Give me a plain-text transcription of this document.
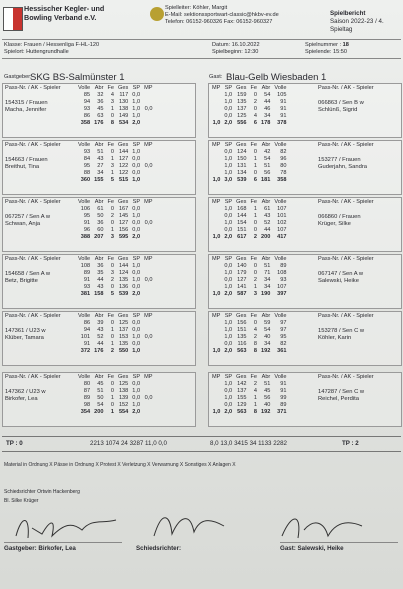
Hessischer Kegler- und
Bowling Verband e.V.
Spielleiter: Köhler, Margit
E-Mail: sektionssportwart-classic@hkbv-ev.de
Telefon: 06152-960326 Fax: 06152-960327
Spielbericht
Saison 2022-23 / 4. Spieltag
Klasse: Frauen / Hessenliga F-HL-120
Spielort: Huttengrundhalle
Datum: 16.10.2022
Spielbeginn: 12:30
Spielnummer : 18
Spielende: 15:50
Gastgeber:
SKG BS-Salmünster 1	Gast: Blau-Gelb Wiesbaden 1
Pass-Nr. / AK - Spieler
154315 / Frauen
Macha, Jennifer
Volle	Abr	Fe	Ges	SP	MP
85	32	4	117	0,0	
94	36	3	130	1,0	
93	45	1	138	1,0	0,0
86	63	0	149	1,0	
358	176	8	534	2,0	
Pass-Nr. / AK - Spieler
154663 / Frauen
Breithut, Tina
Volle	Abr	Fe	Ges	SP	MP
93	51	0	144	1,0	
84	43	1	127	0,0	
95	27	3	122	0,0	0,0
88	34	1	122	0,0	
360	155	5	515	1,0	
Pass-Nr. / AK - Spieler
067257 / Sen A w
Schwan, Anja
Volle	Abr	Fe	Ges	SP	MP
106	61	0	167	0,0	
95	50	2	145	1,0	
91	36	0	127	0,0	0,0
96	60	1	156	0,0	
388	207	3	595	2,0	
Pass-Nr. / AK - Spieler
154658 / Sen A w
Betz, Brigitte
Volle	Abr	Fe	Ges	SP	MP
108	36	0	144	1,0	
89	35	3	124	0,0	
91	44	2	135	1,0	0,0
93	43	0	136	0,0	
381	158	5	539	2,0	
Pass-Nr. / AK - Spieler
147361 / U23 w
Klüber, Tamara
Volle	Abr	Fe	Ges	SP	MP
86	39	0	125	0,0	
94	43	1	137	0,0	
101	52	0	153	1,0	0,0
91	44	1	135	0,0	
372	176	2	550	1,0	
Pass-Nr. / AK - Spieler
147362 / U23 w
Birkofer, Lea
Volle	Abr	Fe	Ges	SP	MP
80	45	0	125	0,0	
87	51	0	138	1,0	
89	50	1	139	0,0	0,0
98	54	0	152	1,0	
354	200	1	554	2,0	
Pass-Nr. / AK - Spieler
066863 / Sen B w
Schlünß, Sigrid
MP	SP	Ges	Fe	Abr	Volle
	1,0	159	0	54	105
	1,0	135	2	44	91
	0,0	137	0	46	91
	0,0	125	4	34	91
1,0	2,0	556	6	178	378
Pass-Nr. / AK - Spieler
153277 / Frauen
Guderjahn, Sandra
MP	SP	Ges	Fe	Abr	Volle
	0,0	124	0	42	82
	1,0	150	1	54	96
	1,0	131	1	51	80
	1,0	134	0	56	78
1,0	3,0	539	6	181	358
Pass-Nr. / AK - Spieler
066860 / Frauen
Krüger, Silke
MP	SP	Ges	Fe	Abr	Volle
	1,0	168	1	61	107
	0,0	144	1	43	101
	1,0	154	0	52	102
	0,0	151	0	44	107
1,0	2,0	617	2	200	417
Pass-Nr. / AK - Spieler
067147 / Sen A w
Salewski, Heike
MP	SP	Ges	Fe	Abr	Volle
	0,0	140	0	51	89
	1,0	179	0	71	108
	0,0	127	2	34	93
	1,0	141	1	34	107
1,0	2,0	587	3	190	397
Pass-Nr. / AK - Spieler
153278 / Sen C w
Köhler, Karin
MP	SP	Ges	Fe	Abr	Volle
	1,0	156	0	59	97
	1,0	151	4	54	97
	1,0	135	2	40	95
	0,0	116	8	34	82
1,0	2,0	563	8	192	361
Pass-Nr. / AK - Spieler
147287 / Sen C w
Reichel, Perdita
MP	SP	Ges	Fe	Abr	Volle
	1,0	142	2	51	91
	0,0	137	4	45	91
	1,0	155	1	56	99
	0,0	129	1	40	89
1,0	2,0	563	8	192	371
TP : 0	2213 1074 24 3287 11,0 0,0	8,0 13,0 3415 34 1133 2282	TP : 2
Material in Ordnung X Pässe in Ordnung X Protest X Verletzung X Verwarnung X Sonstiges X Anlagen X
Schiedsrichter Ortwin Hackenberg
Bl. Silke Krüger
Gastgeber: Birkofer, Lea	Schiedsrichter:	Gast: Salewski, Heike
